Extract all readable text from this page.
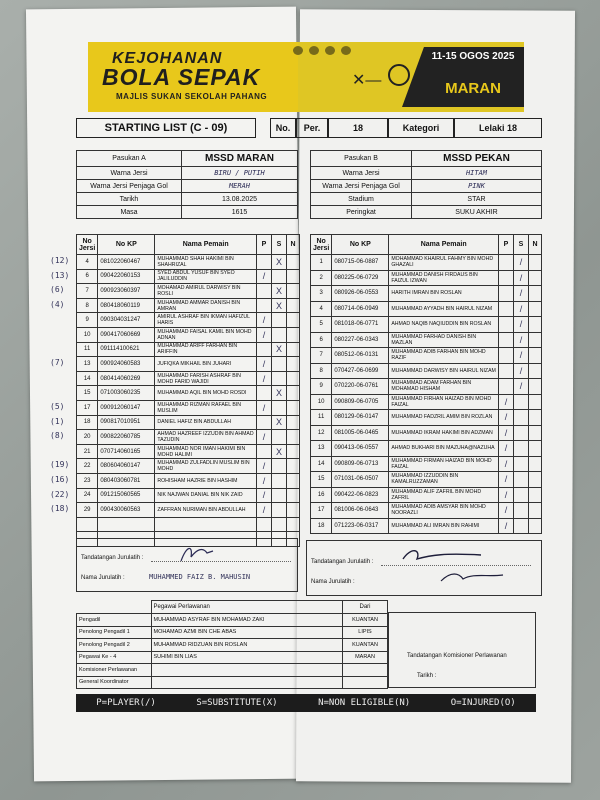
KEJOHANAN
BOLA SEPAK
MAJLIS SUKAN SEKOLAH PAHANG
✕—
11-15 OGOS 2025
MARAN
STARTING LIST (C - 09)	No.	Per.	18	Kategori	Lelaki 18
Pasukan A	MSSD MARAN
Warna Jersi	BIRU / PUTIH
Warna Jersi Penjaga Gol	MERAH
Tarikh	13.08.2025
Masa	1615
Pasukan B	MSSD PEKAN
Warna Jersi	HITAM
Warna Jersi Penjaga Gol	PINK
Stadium	STAR
Peringkat	SUKU AKHIR
No Jersi	No KP	Nama Pemain	P	S	N
4	081022060467	MUHAMMAD SHAH HAKIMI BIN SHAHRIZAL		X	
6	090422060153	SYED ABDUL YUSUF BIN SYEO JALILUDDIN	/		
7	090923060397	MOHAMAD AMIRUL DARWISY BIN ROSLI		X	
8	080418060119	MUHAMMAD AMMAR DANISH BIN AMRAN		X	
9	090304031247	AMIRUL ASHRAF BIN IKMAN HAFIZUL HARIS	/		
10	090417060669	MUHAMMAD FAISAL KAMIL BIN MOHD ADNAN	/		
11	091114100621	MUHAMMAD ARIFF FARHAN BIN ARIFFIN		X	
13	090924060583	JUFIQKA MIKHAIL BIN JUHARI	/		
14	080414060269	MUHAMMAD FARISH ASHRAF BIN MOHD FARID WAJIDI	/		
15	071003060235	MUHAMMAD AQIL BIN MOHD ROSDI		X	
17	090912060147	MUHAMMAD RIZMAN RAFAEL BIN MUSLIM	/		
18	090817010951	DANIEL HAFIZ BIN ABDULLAH		X	
20	090822060785	AHMAD HAZREEF IZZUDIN BIN AHMAD TAZUDIN	/		
21	070714060165	MUHAMMAD NOR IMAN HAKIMI BIN MOHD HALIMI		X	
22	080604060147	MUHAMMAD ZULFADLIN MUSLIM BIN MOHD	/		
23	080403060781	ROHISHAM HAZRIE BIN HASHIM	/		
24	091215060565	NIK NAJWAN DANIAL BIN NIK ZAID	/		
29	090430060563	ZAFFRAN NURIMAN BIN ABDULLAH	/		

No Jersi	No KP	Nama Pemain	P	S	N
1	080715-06-0887	MOHAMMAD KHAIRUL FAHMY BIN MOHD GHAZALI		/	
2	080225-06-0729	MUHAMMAD DANISH FIRDAUS BIN FAIZUL IZWAN		/	
3	080926-06-0553	HARITH IMRAN BIN ROSLAN		/	
4	080714-06-0949	MUHAMMAD AYYADH BIN HAIRUL NIZAM		/	
5	081018-06-0771	AHMAD NAQIB NAQIUDDIN BIN ROSLAN		/	
6	080227-06-0343	MUHAMMAD FARHAD DANISH BIN MAZLAN		/	
7	080512-06-0131	MUHAMMAD ADIB FARHAN BIN MOHD RAZIF		/	
8	070427-06-0699	MUHAMMAD DARWISY BIN HAIRUL NIZAM		/	
9	070220-06-0761	MUHAMMAD ADAM FARHAN BIN MOHAMAD HISHAM		/	
10	090809-06-0705	MUHAMMAD FIRHAN HAIZAD BIN MOHD FAIZAL	/		
11	080129-06-0147	MUHAMMAD FADZRIL AMIM BIN ROZLAN	/		
12	081005-06-0465	MUHAMMAD IKRAM HAKIMI BIN ADZMAN	/		
13	090413-06-0557	AHMAD BUKHARI BIN MAZUHA@NAZUHA	/		
14	090809-06-0713	MUHAMMAD FIRMAN HAIZAD BIN MOHD FAIZAL	/		
15	071031-06-0507	MUHAMMAD IZZUDDIN BIN KAMALRUZZAMAN	/		
16	090422-06-0823	MUHAMMAD ALIF ZAFRIL BIN MOHD ZAFRIL	/		
17	081006-06-0643	MUHAMMAD ADIB AMSYAR BIN MOHD NOORAZLI	/		
18	071223-06-0317	MUHAMMAD ALI IMRAN BIN RAHIMI	/		
(12)
(13)
(6)
(4)
(7)
(5)
(1)
(8)
(19)
(16)
(22)
(18)
Tandatangan Jurulatih :
Nama Jurulatih :	MUHAMMED FAIZ B. MAHUSIN
Tandatangan Jurulatih :
Nama Jurulatih :
	Pegawai Perlawanan	Dari
Pengadil	MUHAMMAD ASYRAF BIN MOHAMAD ZAKI	KUANTAN
Penolong Pengadil 1	MOHAMAD AZMI BIN CHE ABAS	LIPIS
Penolong Pengadil 2	MUHAMMAD RIDZUAN BIN ROSLAN	KUANTAN
Pegawai Ke - 4	SUHIMI BIN LIAS	MARAN
Komisioner Perlawanan		
General Koordinator		
Tandatangan Komisioner Perlawanan
Tarikh :
P=PLAYER(/)	S=SUBSTITUTE(X)	N=NON ELIGIBLE(N)	O=INJURED(O)
